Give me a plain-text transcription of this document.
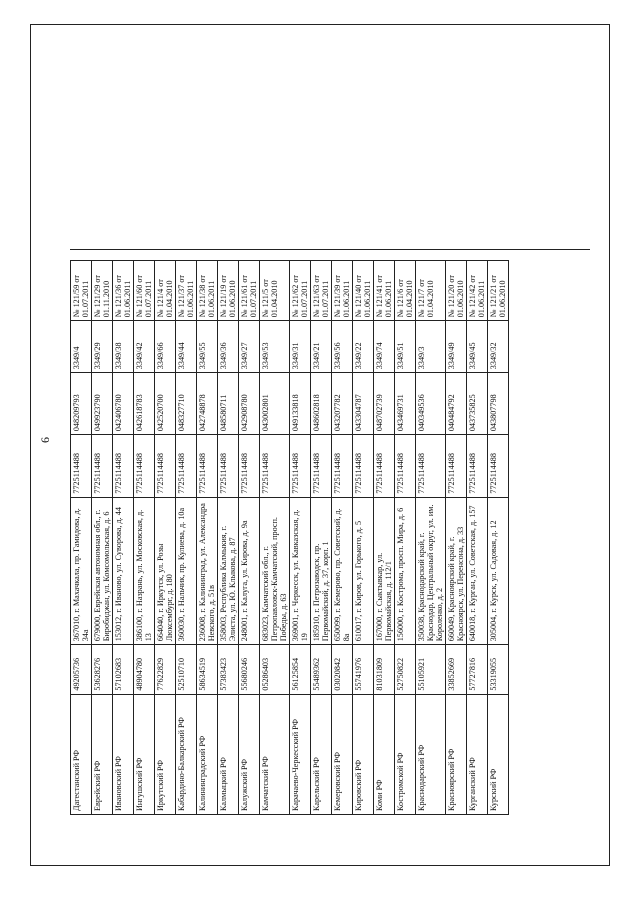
6
Дагестанский РФ	49205736	367010, г. Махачкала, пр. Гамидова, д. 34а	7725114488	048209793	3349/4	№ 121/59 от 01.07.2011
Еврейский РФ	53628276	679000, Еврейская автономная обл., г. Биробиджан, ул. Комсомольская, д. 6	7725114488	049923790	3349/29	№ 121/29 от 01.11.2010
Ивановский РФ	57102683	153012, г. Иваново, ул. Суворова, д. 44	7725114488	042406780	3349/38	№ 121/36 от 01.06.2011
Ингушский РФ	48904780	386100, г. Назрань, ул. Московская, д. 13	7725114488	042618783	3349/42	№ 121/60 от 01.07.2011
Иркутский РФ	77622829	664040, г. Иркутск, ул. Розы Люксембург, д. 180	7725114488	042520700	3349/66	№ 121/4 от 01.04.2010
Кабардино-Балкарский РФ	52510710	360030, г. Нальчик, пр. Кулиева, д. 10а	7725114488	048327710	3349/44	№ 121/37 от 01.06.2011
Калининградский РФ	58634519	236008, г. Калининград, ул. Александра Невского, д. 51в	7725114488	042748878	3349/55	№ 121/38 от 01.06.2011
Калмыцкий РФ	57383423	358003, Республика Калмыкия, г. Элиста, ул. Ю. Клыкова, д. 87	7725114488	048580711	3349/36	№ 121/19 от 01.06.2010
Калужский РФ	55680246	248001, г. Калуга, ул. Кирова, д. 9а	7725114488	042908780	3349/27	№ 121/61 от 01.07.2011
Камчатский РФ	05286403	683023, Камчатский обл., г. Петропавловск-Камчатский, просп. Победы, д. 63	7725114488	043002801	3349/53	№ 121/5 от 01.04.2010
Карачаево-Черкесский РФ	56125854	369001, г. Черкесск, ул. Кавказская, д. 19	7725114488	049133818	3349/31	№ 121/62 от 01.07.2011
Карельский РФ	55489362	185910, г. Петрозаводск, пр. Первомайский, д. 37, корп. 1	7725114488	048602818	3349/21	№ 121/63 от 01.07.2011
Кемеровский РФ	03020842	650099, г. Кемерово, пр. Советский, д. 8а	7725114488	043207782	3349/56	№ 121/39 от 01.06.2011
Кировский РФ	55741976	610017, г. Киров, ул. Горького, д. 5	7725114488	043304787	3349/22	№ 121/40 от 01.06.2011
Коми РФ	81031809	167000, г. Сыктывкар, ул. Первомайская, д. 112/1	7725114488	048702739	3349/74	№ 121/41 от 01.06.2011
Костромской РФ	52750822	156000, г. Кострома, просп. Мира, д. 6	7725114488	043469731	3349/51	№ 121/6 от 01.04.2010
Краснодарский РФ	55105921	350038, Краснодарский край, г. Краснодар, Центральный округ, ул. им. Короленко, д. 2	7725114488	040349536	3349/3	№ 121/7 от 01.04.2010
Красноярский РФ	33852669	660049, Красноярский край, г. Красноярск, ул. Перенсона, д. 33	7725114488	040484792	3349/49	№ 121/20 от 01.06.2010
Курганский РФ	57727816	640018, г. Курган, ул. Советская, д. 157	7725114488	043735825	3349/45	№ 121/42 от 01.06.2011
Курский РФ	53319055	305004, г. Курск, ул. Садовая, д. 12	7725114488	043807798	3349/32	№ 121/21 от 01.06.2010
